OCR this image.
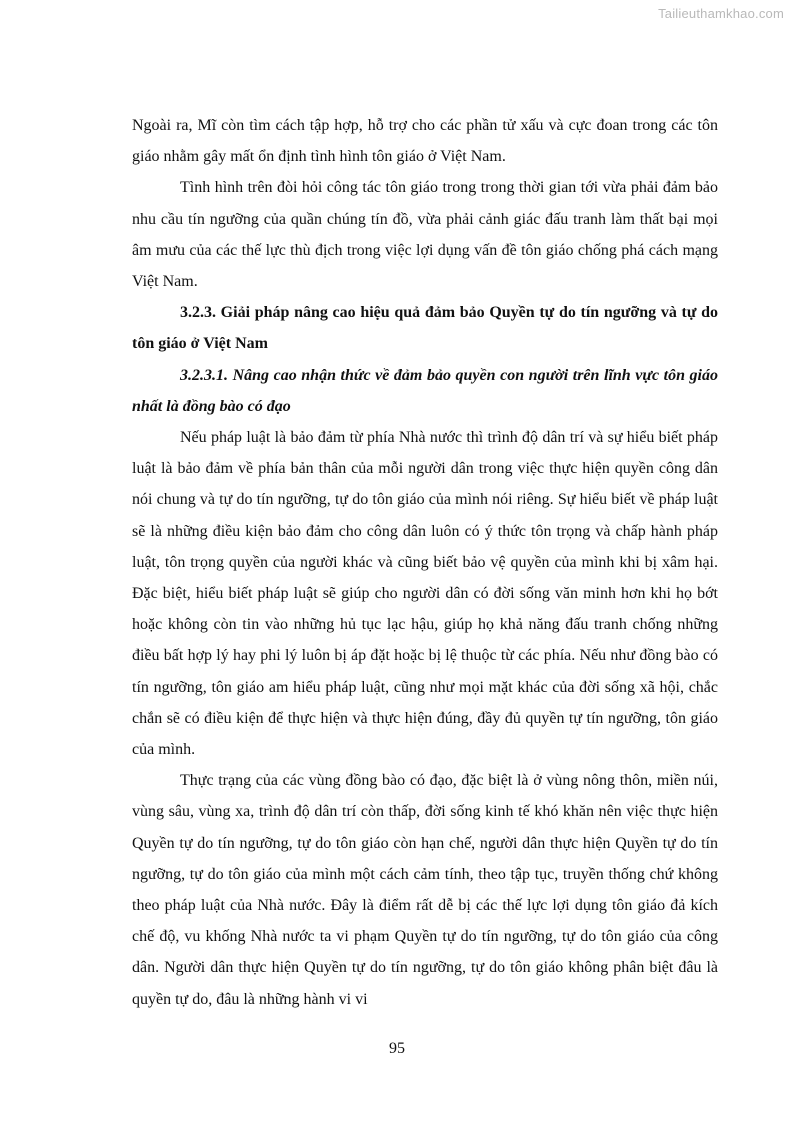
Tailieuthamkhao.com

Ngoài ra, Mĩ còn tìm cách tập hợp, hỗ trợ cho các phần tử xấu và cực đoan trong các tôn giáo nhằm gây mất ổn định tình hình tôn giáo ở Việt Nam.

Tình hình trên đòi hỏi công tác tôn giáo trong trong thời gian tới vừa phải đảm bảo nhu cầu tín ngưỡng của quần chúng tín đồ, vừa phải cảnh giác đấu tranh làm thất bại mọi âm mưu của các thế lực thù địch trong việc lợi dụng vấn đề tôn giáo chống phá cách mạng Việt Nam.

3.2.3. Giải pháp nâng cao hiệu quả đảm bảo Quyền tự do tín ngưỡng và tự do tôn giáo ở Việt Nam

3.2.3.1. Nâng cao nhận thức về đảm bảo quyền con người trên lĩnh vực tôn giáo nhất là đồng bào có đạo

Nếu pháp luật là bảo đảm từ phía Nhà nước thì trình độ dân trí và sự hiểu biết pháp luật là bảo đảm về phía bản thân của mỗi người dân trong việc thực hiện quyền công dân nói chung và tự do tín ngưỡng, tự do tôn giáo của mình nói riêng. Sự hiểu biết về pháp luật sẽ là những điều kiện bảo đảm cho công dân luôn có ý thức tôn trọng và chấp hành pháp luật, tôn trọng quyền của người khác và cũng biết bảo vệ quyền của mình khi bị xâm hại. Đặc biệt, hiểu biết pháp luật sẽ giúp cho người dân có đời sống văn minh hơn khi họ bớt hoặc không còn tin vào những hủ tục lạc hậu, giúp họ khả năng đấu tranh chống những điều bất hợp lý hay phi lý luôn bị áp đặt hoặc bị lệ thuộc từ các phía. Nếu như đồng bào có tín ngưỡng, tôn giáo am hiểu pháp luật, cũng như mọi mặt khác của đời sống xã hội, chắc chắn sẽ có điều kiện để thực hiện và thực hiện đúng, đầy đủ quyền tự tín ngưỡng, tôn giáo của mình.

Thực trạng của các vùng đồng bào có đạo, đặc biệt là ở vùng nông thôn, miền núi, vùng sâu, vùng xa, trình độ dân trí còn thấp, đời sống kinh tế khó khăn nên việc thực hiện Quyền tự do tín ngưỡng, tự do tôn giáo còn hạn chế, người dân thực hiện Quyền tự do tín ngưỡng, tự do tôn giáo của mình một cách cảm tính, theo tập tục, truyền thống chứ không theo pháp luật của Nhà nước. Đây là điểm rất dễ bị các thế lực lợi dụng tôn giáo đả kích chế độ, vu khống Nhà nước ta vi phạm Quyền tự do tín ngưỡng, tự do tôn giáo của công dân. Người dân thực hiện Quyền tự do tín ngưỡng, tự do tôn giáo không phân biệt đâu là quyền tự do, đâu là những hành vi vi

95
